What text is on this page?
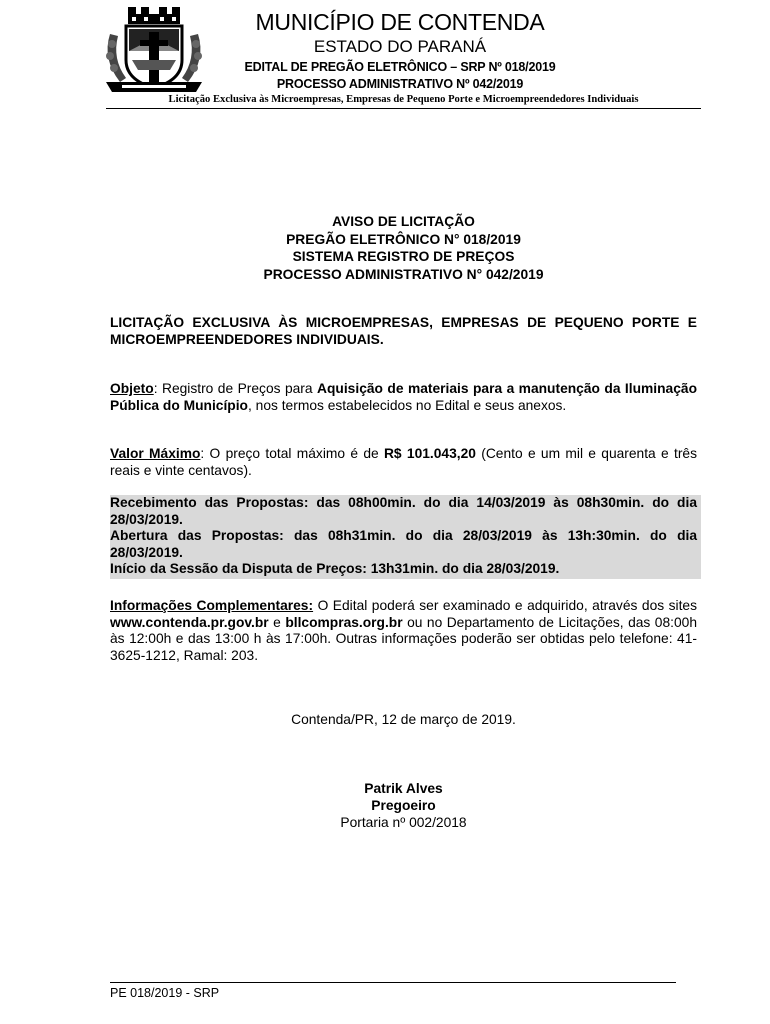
MUNICÍPIO DE CONTENDA
ESTADO DO PARANÁ
EDITAL DE PREGÃO ELETRÔNICO – SRP Nº 018/2019
PROCESSO ADMINISTRATIVO Nº 042/2019
Licitação Exclusiva às Microempresas, Empresas de Pequeno Porte e Microempreendedores Individuais
AVISO DE LICITAÇÃO
PREGÃO ELETRÔNICO N° 018/2019
SISTEMA REGISTRO DE PREÇOS
PROCESSO ADMINISTRATIVO N° 042/2019
LICITAÇÃO EXCLUSIVA ÀS MICROEMPRESAS, EMPRESAS DE PEQUENO PORTE E MICROEMPREENDEDORES INDIVIDUAIS.
Objeto: Registro de Preços para Aquisição de materiais para a manutenção da Iluminação Pública do Município, nos termos estabelecidos no Edital e seus anexos.
Valor Máximo: O preço total máximo é de R$ 101.043,20 (Cento e um mil e quarenta e três reais e vinte centavos).
Recebimento das Propostas: das 08h00min. do dia 14/03/2019 às 08h30min. do dia 28/03/2019.
Abertura das Propostas: das 08h31min. do dia 28/03/2019 às 13h:30min. do dia 28/03/2019.
Início da Sessão da Disputa de Preços: 13h31min. do dia 28/03/2019.
Informações Complementares: O Edital poderá ser examinado e adquirido, através dos sites www.contenda.pr.gov.br e bllcompras.org.br ou no Departamento de Licitações, das 08:00h às 12:00h e das 13:00 h às 17:00h. Outras informações poderão ser obtidas pelo telefone: 41-3625-1212, Ramal: 203.
Contenda/PR, 12 de março de 2019.
Patrik Alves
Pregoeiro
Portaria nº 002/2018
PE 018/2019 - SRP
